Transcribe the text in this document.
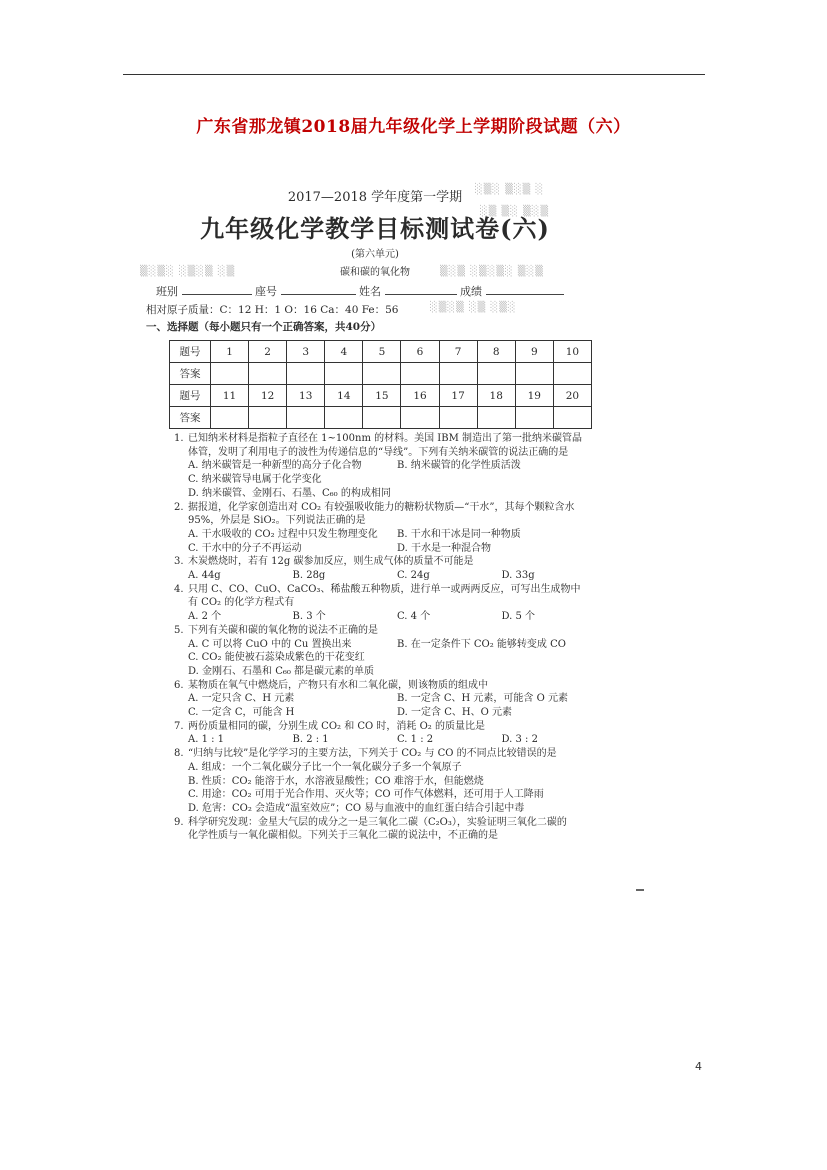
广东省那龙镇2018届九年级化学上学期阶段试题（六）
░▒░ ▒░▒ ░
░▒ ▒░ ▒░▒
▒░▒░ ░▒░▒ ░▒	▒░▒ ░▒░▒░ ▒░▒
░▒░▒ ░▒ ░▒░
2017—2018 学年度第一学期
九年级化学教学目标测试卷(六)
(第六单元)
碳和碳的氧化物
班别	座号	姓名	成绩
相对原子质量：C：12 H：1 O：16 Ca：40 Fe：56
一、选择题（每小题只有一个正确答案，共40分）
题号	1	2	3	4	5	6	7	8	9	10
答案										
题号	11	12	13	14	15	16	17	18	19	20
答案										
1. 已知纳米材料是指粒子直径在 1~100nm 的材料。美国 IBM 制造出了第一批纳米碳管晶
体管，发明了利用电子的波性为传递信息的“导线”。下列有关纳米碳管的说法正确的是
A. 纳米碳管是一种新型的高分子化合物	B. 纳米碳管的化学性质活泼
C. 纳米碳管导电属于化学变化
D. 纳米碳管、金刚石、石墨、C₆₀ 的构成相同
2. 据报道，化学家创造出对 CO₂ 有较强吸收能力的糖粉状物质—“干水”，其每个颗粒含水
95%，外层是 SiO₂。下列说法正确的是
A. 干水吸收的 CO₂ 过程中只发生物理变化	B. 干水和干冰是同一种物质
C. 干水中的分子不再运动	D. 干水是一种混合物
3. 木炭燃烧时，若有 12g 碳参加反应，则生成气体的质量不可能是
A. 44g	B. 28g	C. 24g	D. 33g
4. 只用 C、CO、CuO、CaCO₃、稀盐酸五种物质，进行单一或两两反应，可写出生成物中
有 CO₂ 的化学方程式有
A. 2 个	B. 3 个	C. 4 个	D. 5 个
5. 下列有关碳和碳的氧化物的说法不正确的是
A. C 可以将 CuO 中的 Cu 置换出来	B. 在一定条件下 CO₂ 能够转变成 CO
C. CO₂ 能使被石蕊染成紫色的干花变红
D. 金刚石、石墨和 C₆₀ 都是碳元素的单质
6. 某物质在氧气中燃烧后，产物只有水和二氧化碳，则该物质的组成中
A. 一定只含 C、H 元素	B. 一定含 C、H 元素，可能含 O 元素
C. 一定含 C，可能含 H	D. 一定含 C、H、O 元素
7. 两份质量相同的碳，分别生成 CO₂ 和 CO 时，消耗 O₂ 的质量比是
A. 1 : 1	B. 2 : 1	C. 1 : 2	D. 3 : 2
8. “归纳与比较”是化学学习的主要方法，下列关于 CO₂ 与 CO 的不同点比较错误的是
A. 组成：一个二氧化碳分子比一个一氧化碳分子多一个氧原子
B. 性质：CO₂ 能溶于水，水溶液显酸性；CO 难溶于水，但能燃烧
C. 用途：CO₂ 可用于光合作用、灭火等；CO 可作气体燃料，还可用于人工降雨
D. 危害：CO₂ 会造成“温室效应”；CO 易与血液中的血红蛋白结合引起中毒
9. 科学研究发现：金星大气层的成分之一是三氧化二碳（C₂O₃），实验证明三氧化二碳的
化学性质与一氧化碳相似。下列关于三氧化二碳的说法中，不正确的是
4
